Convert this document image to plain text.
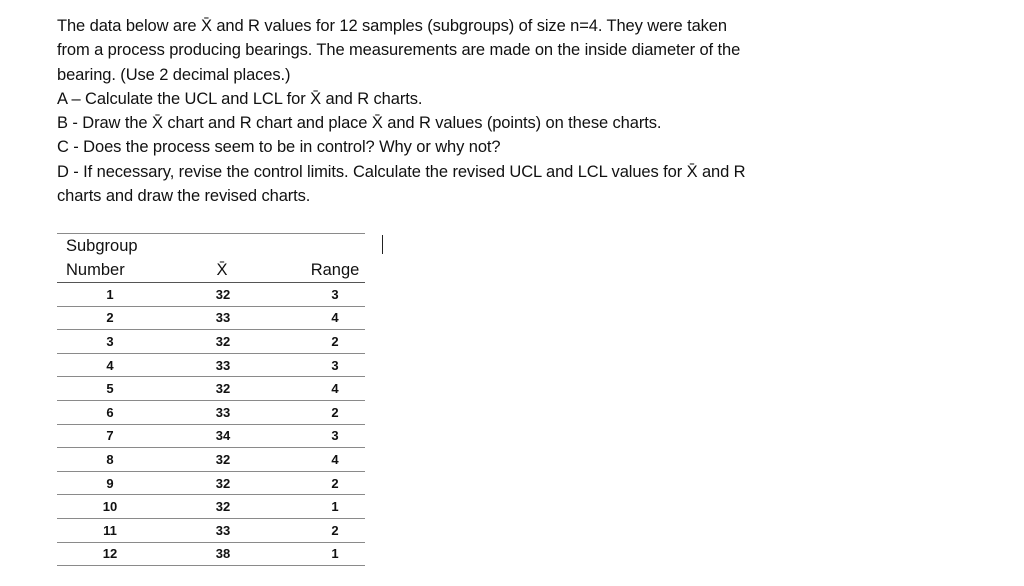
The data below are X̄ and R values for 12 samples (subgroups) of size n=4. They were taken

from a process producing bearings. The measurements are made on the inside diameter of the

bearing. (Use 2 decimal places.)

A – Calculate the UCL and LCL for X̄ and R charts.

B - Draw the X̄ chart and R chart and place X̄ and R values (points) on these charts.

C - Does the process seem to be in control? Why or why not?

D - If necessary, revise the control limits. Calculate the revised UCL and LCL values for X̄ and R

charts and draw the revised charts.

Subgroup		
Number	X̄	Range
1	32	3
2	33	4
3	32	2
4	33	3
5	32	4
6	33	2
7	34	3
8	32	4
9	32	2
10	32	1
11	33	2
12	38	1
